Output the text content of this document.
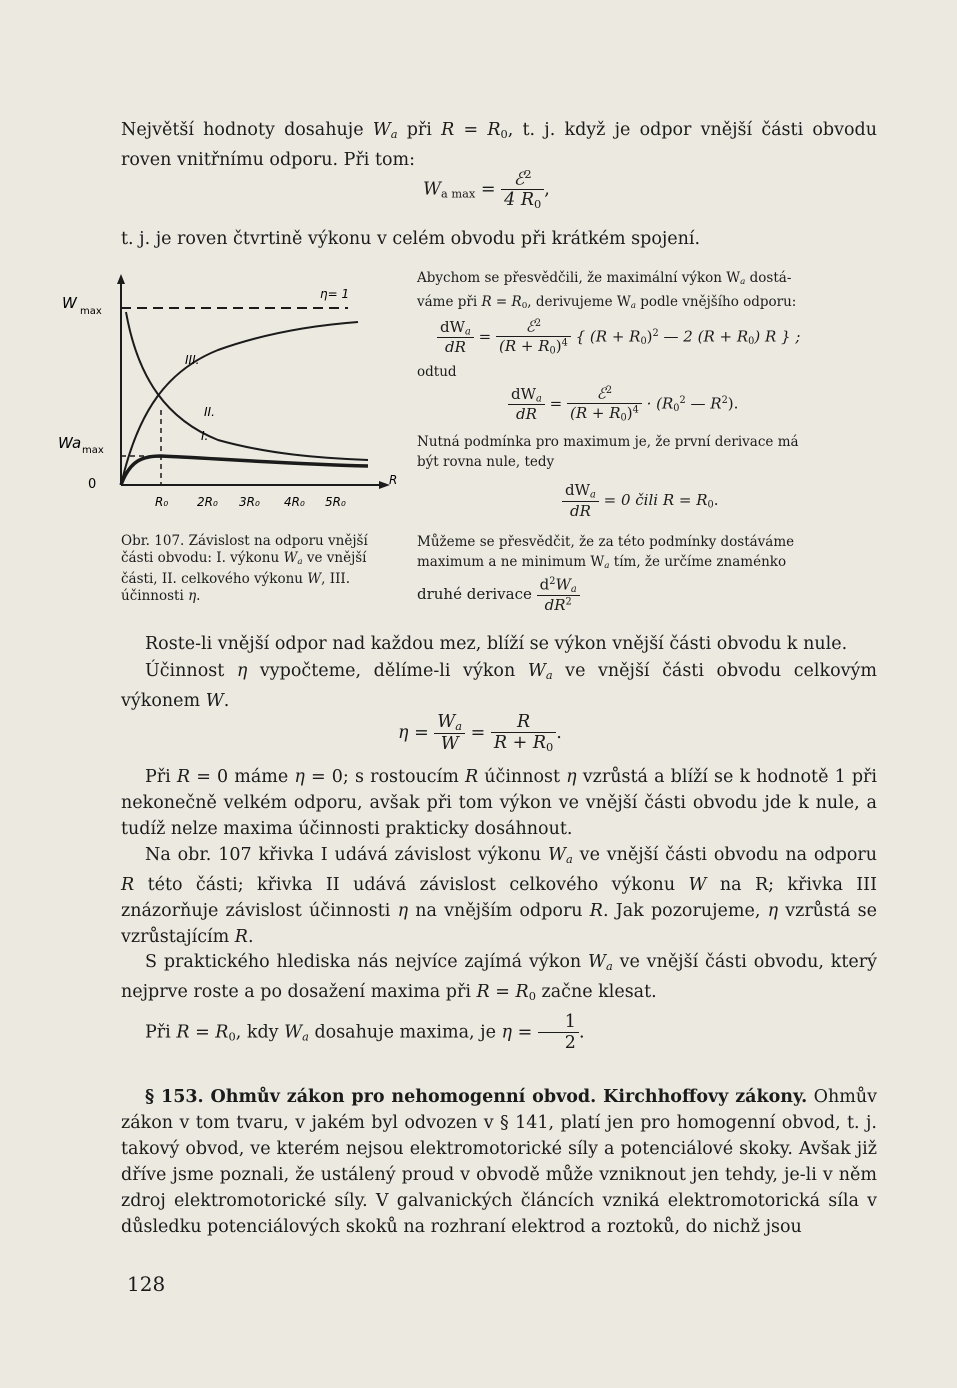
Největší hodnoty dosahuje $W_a$ při $R = R_0$, t. j. když je odpor vnější části obvodu roven vnitřnímu odporu. Při tom:
$W_{a max} = \frac{ℰ^2}{4 R_0}$ ,
t. j. je roven čtvrtině výkonu v celém obvodu při krátkém spojení.
W max
Wa max
0
η= 1
III.
II.
I.
R
R₀ 2R₀ 3R₀ 4R₀ 5R₀
Obr. 107. Závislost na odporu vnější části obvodu: I. výkonu $W_a$ ve vnější části, II. celkového výkonu W, III. účinnosti η.
Abychom se přesvědčili, že maximální výkon $W_a$ dostá-
váme při $R = R_0$, derivujeme $W_a$ podle vnějšího odporu:
$\frac{dW_a}{dR} = \frac{ℰ^2}{(R + R_0)^4}$ { $(R + R_0)^2$ — 2 $(R + R_0)$ R } ;
odtud
$\frac{dW_a}{dR} = \frac{ℰ^2}{(R + R_0)^4} \cdot (R_0^2$ — $R^2$).
Nutná podmínka pro maximum je, že první derivace má
být rovna nule, tedy
$\frac{dW_a}{dR} = 0$ čili $R = R_0$.
Můžeme se přesvědčit, že za této podmínky dostáváme
maximum a ne minimum $W_a$ tím, že určíme znaménko
druhé derivace $\frac{d^2W_a}{dR^2}$
Roste-li vnější odpor nad každou mez, blíží se výkon vnější části obvodu k nule.
Účinnost η vypočteme, dělíme-li výkon $W_a$ ve vnější části obvodu celkovým výkonem W.
$\eta = \frac{W_a}{W} = \frac{R}{R + R_0}$ .
Při R = 0 máme η = 0; s rostoucím R účinnost η vzrůstá a blíží se k hodnotě 1 při nekonečně velkém odporu, avšak při tom výkon ve vnější části obvodu jde k nule, a tudíž nelze maxima účinnosti prakticky dosáhnout.
Na obr. 107 křivka I udává závislost výkonu $W_a$ ve vnější části obvodu na odporu R této části; křivka II udává závislost celkového výkonu W na R; křivka III znázorňuje závislost účinnosti η na vnějším odporu R. Jak pozorujeme, η vzrůstá se vzrůstajícím R.
S praktického hlediska nás nejvíce zajímá výkon $W_a$ ve vnější části obvodu, který nejprve roste a po dosažení maxima při $R = R_0$ začne klesat.
Při $R = R_0$, kdy $W_a$ dosahuje maxima, je $\eta = \frac{1}{2}$ .
§ 153. Ohmův zákon pro nehomogenní obvod. Kirchhoffovy zákony. Ohmův zákon v tom tvaru, v jakém byl odvozen v § 141, platí jen pro homogenní obvod, t. j. takový obvod, ve kterém nejsou elektromotorické síly a potenciálové skoky. Avšak již dříve jsme poznali, že ustálený proud v obvodě může vzniknout jen tehdy, je-li v něm zdroj elektromotorické síly. V galvanických článcích vzniká elektromotorická síla v důsledku potenciálových skoků na rozhraní elektrod a roztoků, do nichž jsou
128
